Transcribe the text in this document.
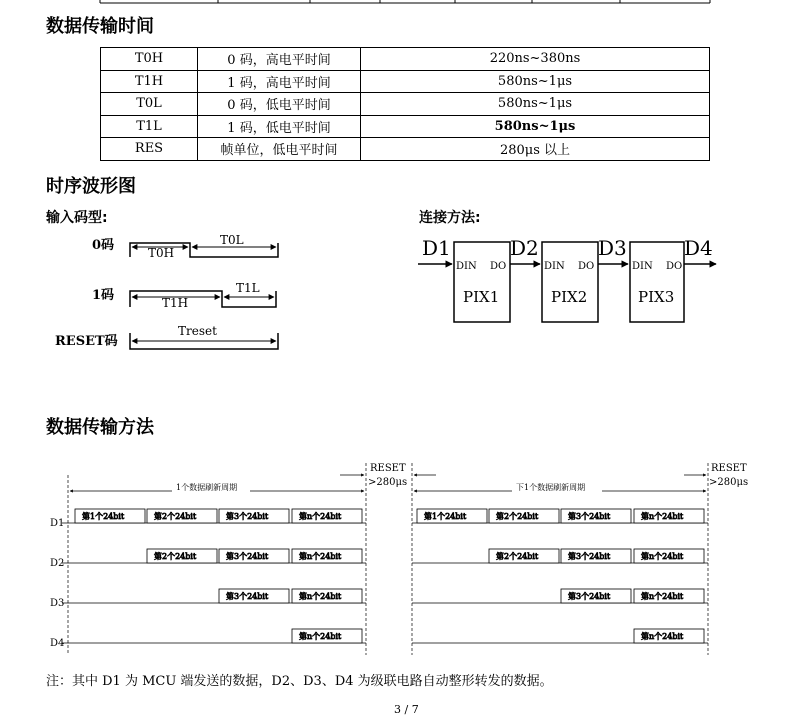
数据传输时间
T0H	0 码，高电平时间	220ns~380ns
T1H	1 码，高电平时间	580ns~1μs
T0L	0 码，低电平时间	580ns~1μs
T1L	1 码，低电平时间	580ns~1μs
RES	帧单位，低电平时间	280μs 以上
时序波形图
输入码型:	连接方法:
0码
1码
RESET码
T0H
T0L
T1H
T1L
Treset
D1	D2	D3	D4
DIN DO	DIN DO	DIN DO
PIX1	PIX2	PIX3
数据传输方法
1个数据刷新周期	下1个数据刷新周期
RESET
>280μs
RESET
>280μs
D1
D2
D3
D4
第1个24bit	第2个24bit	第3个24bit	第n个24bit
第2个24bit	第3个24bit	第n个24bit
第3个24bit	第n个24bit
第n个24bit
第1个24bit	第2个24bit	第3个24bit	第n个24bit
第2个24bit	第3个24bit	第n个24bit
第3个24bit	第n个24bit
第n个24bit
注：其中 D1 为 MCU 端发送的数据，D2、D3、D4 为级联电路自动整形转发的数据。
3 / 7
